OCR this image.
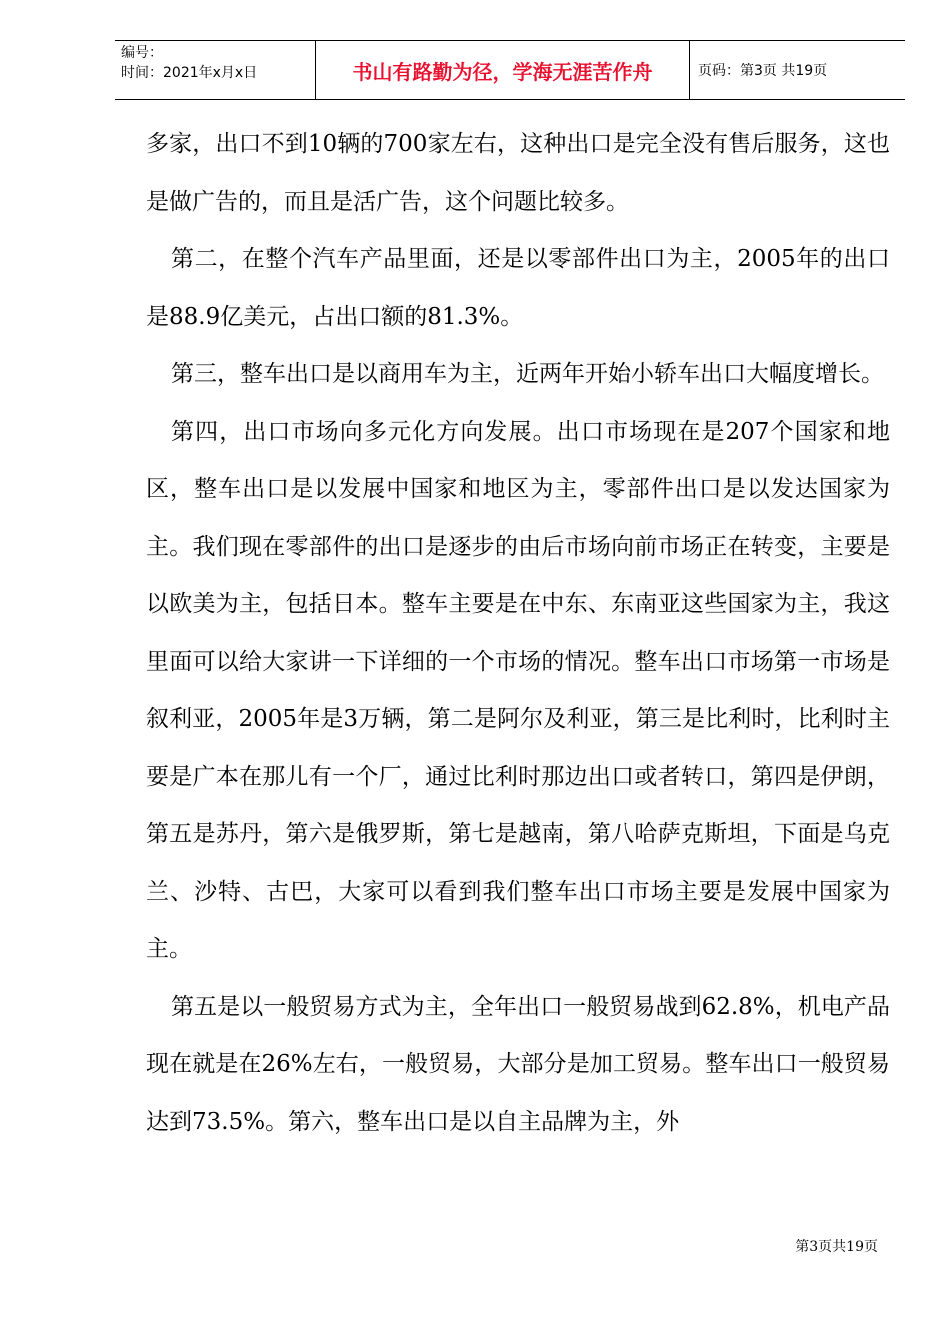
编号：
时间：2021年x月x日	书山有路勤为径，学海无涯苦作舟	页码：第3页 共19页

多家，出口不到10辆的700家左右，这种出口是完全没有售后服务，这也是做广告的，而且是活广告，这个问题比较多。

第二，在整个汽车产品里面，还是以零部件出口为主，2005年的出口是88.9亿美元，占出口额的81.3%。

第三，整车出口是以商用车为主，近两年开始小轿车出口大幅度增长。

第四，出口市场向多元化方向发展。出口市场现在是207个国家和地区，整车出口是以发展中国家和地区为主，零部件出口是以发达国家为主。我们现在零部件的出口是逐步的由后市场向前市场正在转变，主要是以欧美为主，包括日本。整车主要是在中东、东南亚这些国家为主，我这里面可以给大家讲一下详细的一个市场的情况。整车出口市场第一市场是叙利亚，2005年是3万辆，第二是阿尔及利亚，第三是比利时，比利时主要是广本在那儿有一个厂，通过比利时那边出口或者转口，第四是伊朗，第五是苏丹，第六是俄罗斯，第七是越南，第八哈萨克斯坦，下面是乌克兰、沙特、古巴，大家可以看到我们整车出口市场主要是发展中国家为主。

第五是以一般贸易方式为主，全年出口一般贸易战到62.8%，机电产品现在就是在26%左右，一般贸易，大部分是加工贸易。整车出口一般贸易达到73.5%。第六，整车出口是以自主品牌为主，外

第3页共19页
